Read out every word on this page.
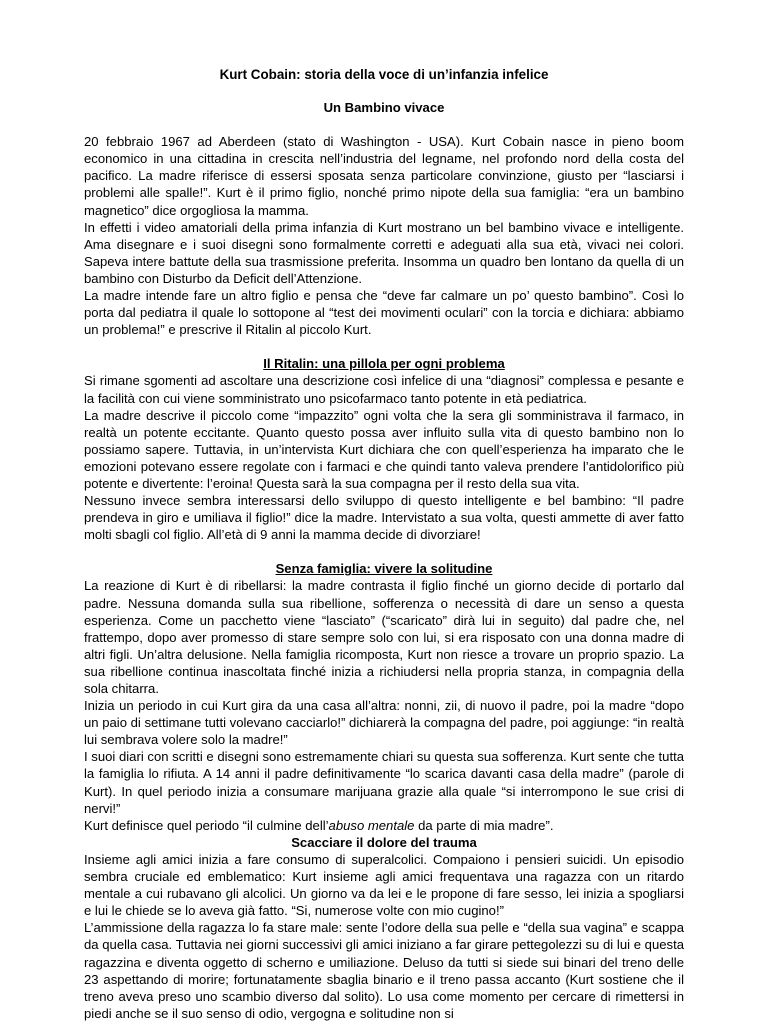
Kurt Cobain: storia della voce di un’infanzia infelice
Un Bambino vivace

20 febbraio 1967 ad Aberdeen (stato di Washington - USA). Kurt Cobain nasce in pieno boom economico in una cittadina in crescita nell’industria del legname, nel profondo nord della costa del pacifico. La madre riferisce di essersi sposata senza particolare convinzione, giusto per “lasciarsi i problemi alle spalle!”. Kurt è il primo figlio, nonché primo nipote della sua famiglia: “era un bambino magnetico” dice orgogliosa la mamma.

In effetti i video amatoriali della prima infanzia di Kurt mostrano un bel bambino vivace e intelligente. Ama disegnare e i suoi disegni sono formalmente corretti e adeguati alla sua età, vivaci nei colori. Sapeva intere battute della sua trasmissione preferita. Insomma un quadro ben lontano da quella di un bambino con Disturbo da Deficit dell’Attenzione.

La madre intende fare un altro figlio e pensa che “deve far calmare un po’ questo bambino”. Così lo porta dal pediatra il quale lo sottopone al “test dei movimenti oculari” con la torcia e dichiara: abbiamo un problema!” e prescrive il Ritalin al piccolo Kurt.

Il Ritalin: una pillola per ogni problema

Si rimane sgomenti ad ascoltare una descrizione così infelice di una “diagnosi” complessa e pesante e la facilità con cui viene somministrato uno psicofarmaco tanto potente in età pediatrica.

La madre descrive il piccolo come “impazzito” ogni volta che la sera gli somministrava il farmaco, in realtà un potente eccitante. Quanto questo possa aver influito sulla vita di questo bambino non lo possiamo sapere. Tuttavia, in un’intervista Kurt dichiara che con quell’esperienza ha imparato che le emozioni potevano essere regolate con i farmaci e che quindi tanto valeva prendere l’antidolorifico più potente e divertente: l’eroina! Questa sarà la sua compagna per il resto della sua vita.

Nessuno invece sembra interessarsi dello sviluppo di questo intelligente e bel bambino: “Il padre prendeva in giro e umiliava il figlio!” dice la madre. Intervistato a sua volta, questi ammette di aver fatto molti sbagli col figlio. All’età di 9 anni la mamma decide di divorziare!

Senza famiglia: vivere la solitudine

La reazione di Kurt è di ribellarsi: la madre contrasta il figlio finché un giorno decide di portarlo dal padre. Nessuna domanda sulla sua ribellione, sofferenza o necessità di dare un senso a questa esperienza. Come un pacchetto viene “lasciato” (“scaricato” dirà lui in seguito) dal padre che, nel frattempo, dopo aver promesso di stare sempre solo con lui, si era risposato con una donna madre di altri figli. Un’altra delusione. Nella famiglia ricomposta, Kurt non riesce a trovare un proprio spazio. La sua ribellione continua inascoltata finché inizia a richiudersi nella propria stanza, in compagnia della sola chitarra.

Inizia un periodo in cui Kurt gira da una casa all’altra: nonni, zii, di nuovo il padre, poi la madre “dopo un paio di settimane tutti volevano cacciarlo!” dichiarerà la compagna del padre, poi aggiunge: “in realtà lui sembrava volere solo la madre!”

I suoi diari con scritti e disegni sono estremamente chiari su questa sua sofferenza. Kurt sente che tutta la famiglia lo rifiuta. A 14 anni il padre definitivamente “lo scarica davanti casa della madre” (parole di Kurt). In quel periodo inizia a consumare marijuana grazie alla quale “si interrompono le sue crisi di nervi!”

Kurt definisce quel periodo “il culmine dell’abuso mentale da parte di mia madre”.

Scacciare il dolore del trauma

Insieme agli amici inizia a fare consumo di superalcolici. Compaiono i pensieri suicidi. Un episodio sembra cruciale ed emblematico: Kurt insieme agli amici frequentava una ragazza con un ritardo mentale a cui rubavano gli alcolici. Un giorno va da lei e le propone di fare sesso, lei inizia a spogliarsi e lui le chiede se lo aveva già fatto. “Si, numerose volte con mio cugino!”

L’ammissione della ragazza lo fa stare male: sente l’odore della sua pelle e “della sua vagina” e scappa da quella casa. Tuttavia nei giorni successivi gli amici iniziano a far girare pettegolezzi su di lui e questa ragazzina e diventa oggetto di scherno e umiliazione. Deluso da tutti si siede sui binari del treno delle 23 aspettando di morire; fortunatamente sbaglia binario e il treno passa accanto (Kurt sostiene che il treno aveva preso uno scambio diverso dal solito). Lo usa come momento per cercare di rimettersi in piedi anche se il suo senso di odio, vergogna e solitudine non si
